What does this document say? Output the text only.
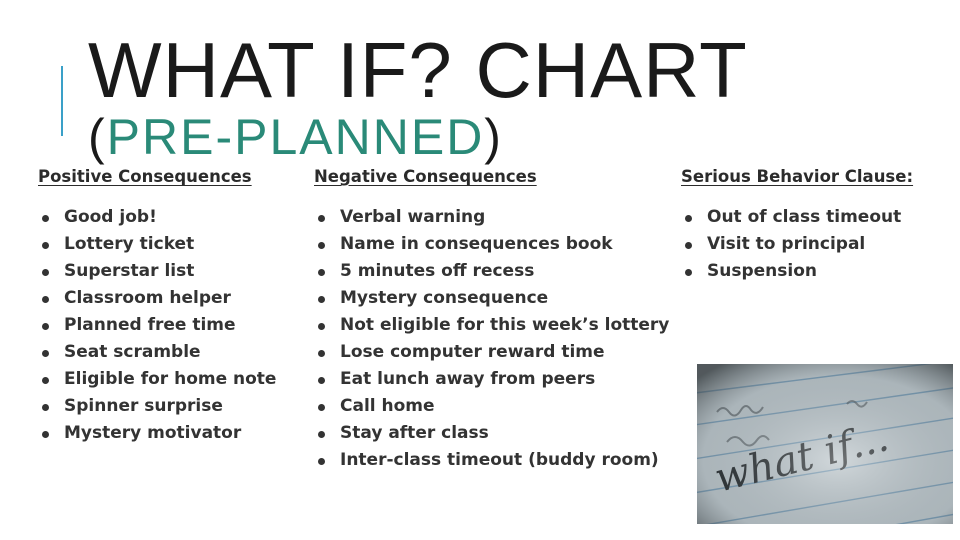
WHAT IF? CHART
(PRE-PLANNED)
Positive Consequences
Good job!
Lottery ticket
Superstar list
Classroom helper
Planned free time
Seat scramble
Eligible for home note
Spinner surprise
Mystery motivator
Negative Consequences
Verbal warning
Name in consequences book
5 minutes off recess
Mystery consequence
Not eligible for this week’s lottery
Lose computer reward time
Eat lunch away from peers
Call home
Stay after class
Inter-class timeout (buddy room)
Serious Behavior Clause:
Out of class timeout
Visit to principal
Suspension
